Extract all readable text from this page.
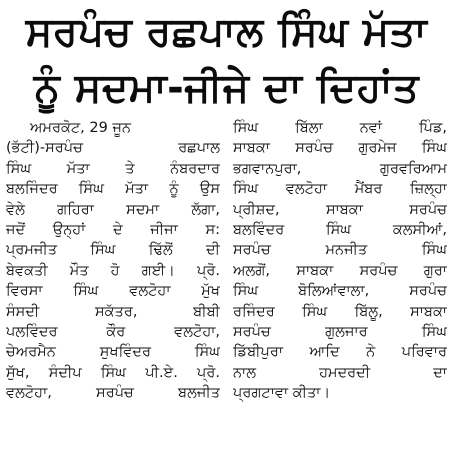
ਸਰਪੰਚ ਰਛਪਾਲ ਸਿੰਘ ਮੱਤਾ
ਨੂੰ ਸਦਮਾ-ਜੀਜੇ ਦਾ ਦਿਹਾਂਤ
ਅਮਰਕੋਟ, 29 ਜੂਨ
(ਭੱਟੀ)-ਸਰਪੰਚ ਰਛਪਾਲ
ਸਿੰਘ ਮੱਤਾ ਤੇ ਨੰਬਰਦਾਰ
ਬਲਜਿੰਦਰ ਸਿੰਘ ਮੱਤਾ ਨੂੰ ਉਸ
ਵੇਲੇ ਗਹਿਰਾ ਸਦਮਾ ਲੱਗਾ,
ਜਦੋਂ ਉਨ੍ਹਾਂ ਦੇ ਜੀਜਾ ਸ:
ਪ੍ਰਮਜੀਤ ਸਿੰਘ ਢਿੱਲੋਂ ਦੀ
ਬੇਵਕਤੀ ਮੌਤ ਹੋ ਗਈ। ਪ੍ਰੋ.
ਵਿਰਸਾ ਸਿੰਘ ਵਲਟੋਹਾ ਮੁੱਖ
ਸੰਸਦੀ ਸਕੱਤਰ, ਬੀਬੀ
ਪਲਵਿੰਦਰ ਕੌਰ ਵਲਟੋਹਾ,
ਚੇਅਰਮੈਨ ਸੁਖਵਿੰਦਰ ਸਿੰਘ
ਸੁੱਖ, ਸੰਦੀਪ ਸਿੰਘ ਪੀ.ਏ. ਪ੍ਰੋ.
ਵਲਟੋਹਾ, ਸਰਪੰਚ ਬਲਜੀਤ
ਸਿੰਘ ਬਿੱਲਾ ਨਵਾਂ ਪਿੰਡ,
ਸਾਬਕਾ ਸਰਪੰਚ ਗੁਰਮੇਜ ਸਿੰਘ
ਭਗਵਾਨਪੁਰਾ, ਗੁਰਵਰਿਆਮ
ਸਿੰਘ ਵਲਟੋਹਾ ਮੈਂਬਰ ਜ਼ਿਲ੍ਹਾ
ਪ੍ਰੀਸ਼ਦ, ਸਾਬਕਾ ਸਰਪੰਚ
ਬਲਵਿੰਦਰ ਸਿੰਘ ਕਲਸੀਆਂ,
ਸਰਪੰਚ ਮਨਜੀਤ ਸਿੰਘ
ਅਲਗੋਂ, ਸਾਬਕਾ ਸਰਪੰਚ ਗੁਰਾ
ਸਿੰਘ ਬੋਲਿਆਂਵਾਲਾ, ਸਰਪੰਚ
ਰਜਿੰਦਰ ਸਿੰਘ ਬਿੱਲੂ, ਸਾਬਕਾ
ਸਰਪੰਚ ਗੁਲਜਾਰ ਸਿੰਘ
ਡਿੱਬੀਪੁਰਾ ਆਦਿ ਨੇ ਪਰਿਵਾਰ
ਨਾਲ ਹਮਦਰਦੀ ਦਾ
ਪ੍ਰਗਟਾਵਾ ਕੀਤਾ।
